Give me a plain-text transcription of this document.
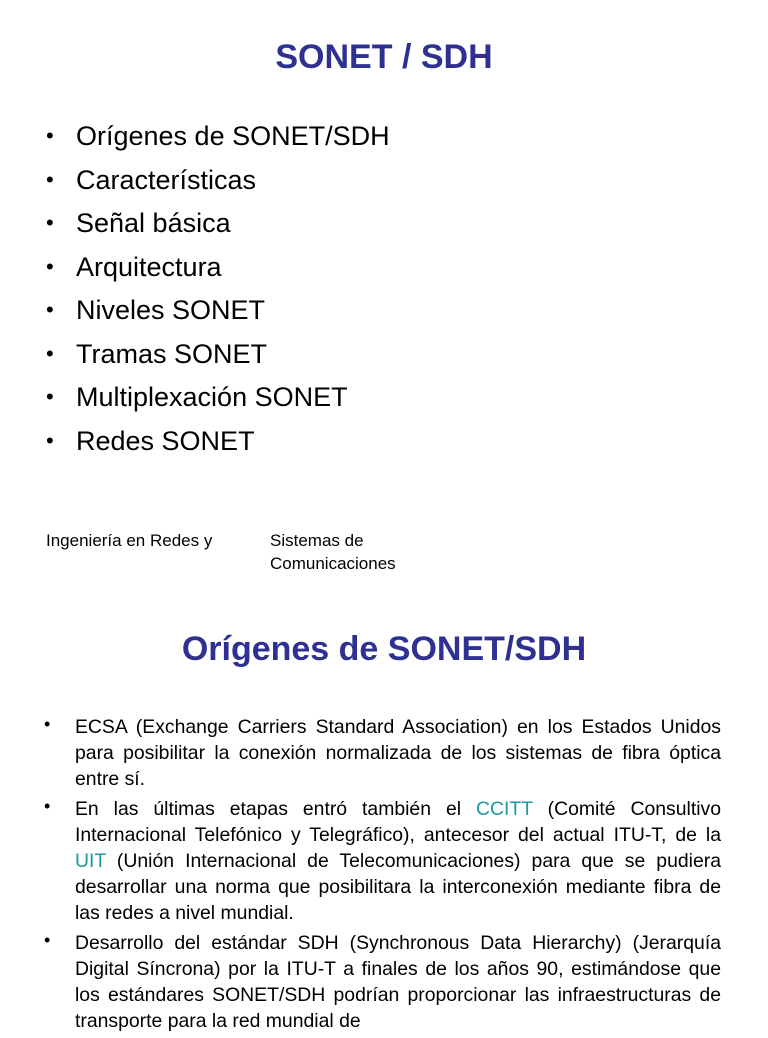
SONET / SDH
• Orígenes de SONET/SDH
• Características
• Señal básica
• Arquitectura
• Niveles SONET
• Tramas SONET
• Multiplexación SONET
• Redes SONET
Ingeniería en Redes y	Sistemas de Comunicaciones
Orígenes de SONET/SDH
• ECSA (Exchange Carriers Standard Association) en los Estados Unidos para posibilitar la conexión normalizada de los sistemas de fibra óptica entre sí.
• En las últimas etapas entró también el CCITT (Comité Consultivo Internacional Telefónico y Telegráfico), antecesor del actual ITU-T, de la UIT (Unión Internacional de Telecomunicaciones) para que se pudiera desarrollar una norma que posibilitara la interconexión mediante fibra de las redes a nivel mundial.
• Desarrollo del estándar SDH (Synchronous Data Hierarchy) (Jerarquía Digital Síncrona) por la ITU-T a finales de los años 90, estimándose que los estándares SONET/SDH podrían proporcionar las infraestructuras de transporte para la red mundial de
